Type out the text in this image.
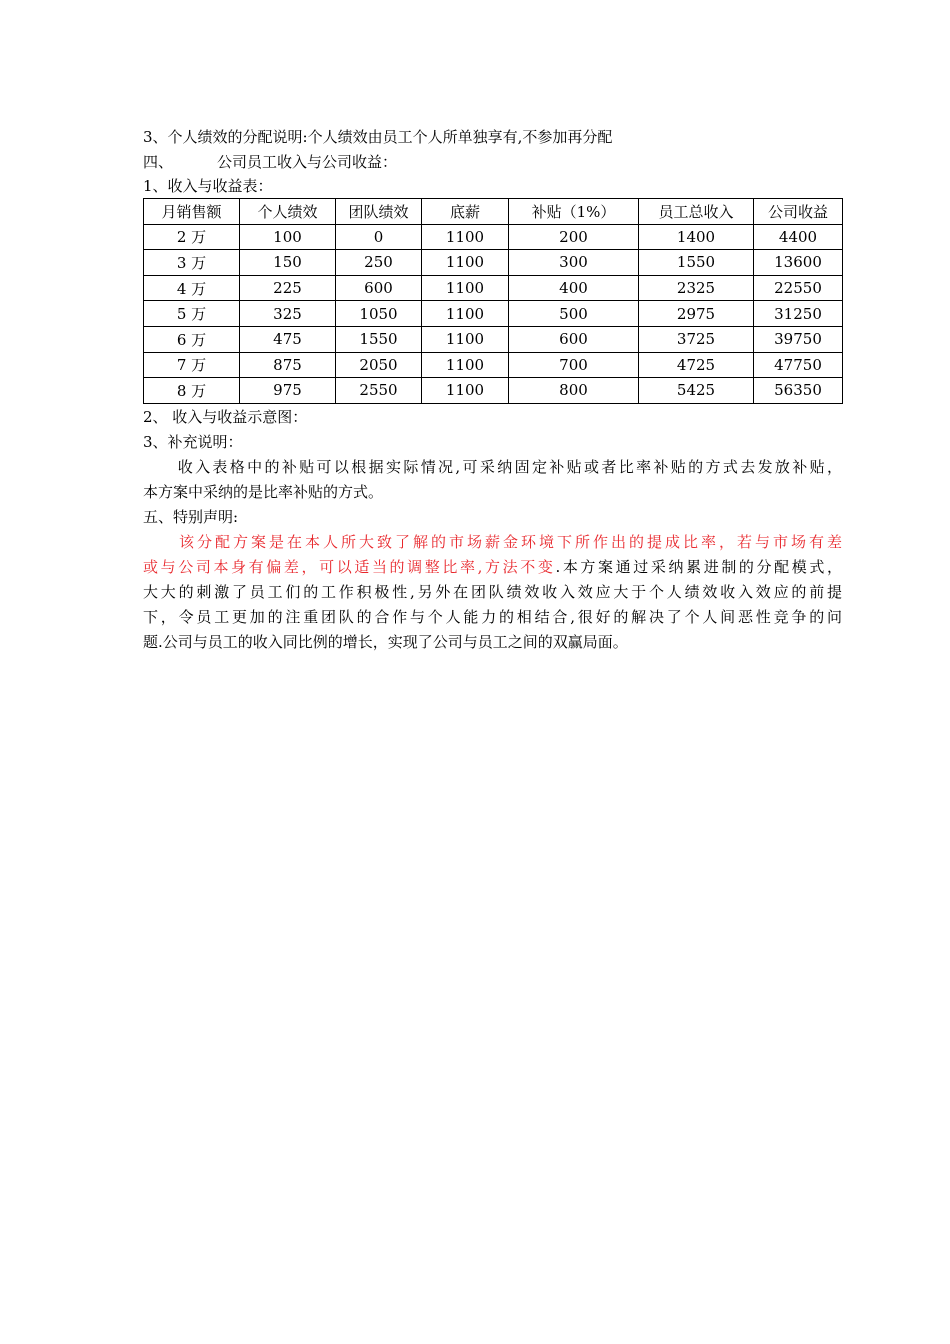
3、个人绩效的分配说明:个人绩效由员工个人所单独享有,不参加再分配
四、	公司员工收入与公司收益：
1、收入与收益表：
月销售额	个人绩效	团队绩效	底薪	补贴（1%）	员工总收入	公司收益
2 万	100	0	1100	200	1400	4400
3 万	150	250	1100	300	1550	13600
4 万	225	600	1100	400	2325	22550
5 万	325	1050	1100	500	2975	31250
6 万	475	1550	1100	600	3725	39750
7 万	875	2050	1100	700	4725	47750
8 万	975	2550	1100	800	5425	56350
2、 收入与收益示意图：
3、补充说明：
　　收入表格中的补贴可以根据实际情况,可采纳固定补贴或者比率补贴的方式去发放补贴，
本方案中采纳的是比率补贴的方式。
五、特别声明:
　　该分配方案是在本人所大致了解的市场薪金环境下所作出的提成比率，若与市场有差
或与公司本身有偏差，可以适当的调整比率,方法不变.本方案通过采纳累进制的分配模式，
大大的刺激了员工们的工作积极性,另外在团队绩效收入效应大于个人绩效收入效应的前提
下，令员工更加的注重团队的合作与个人能力的相结合,很好的解决了个人间恶性竞争的问
题.公司与员工的收入同比例的增长，实现了公司与员工之间的双赢局面。
